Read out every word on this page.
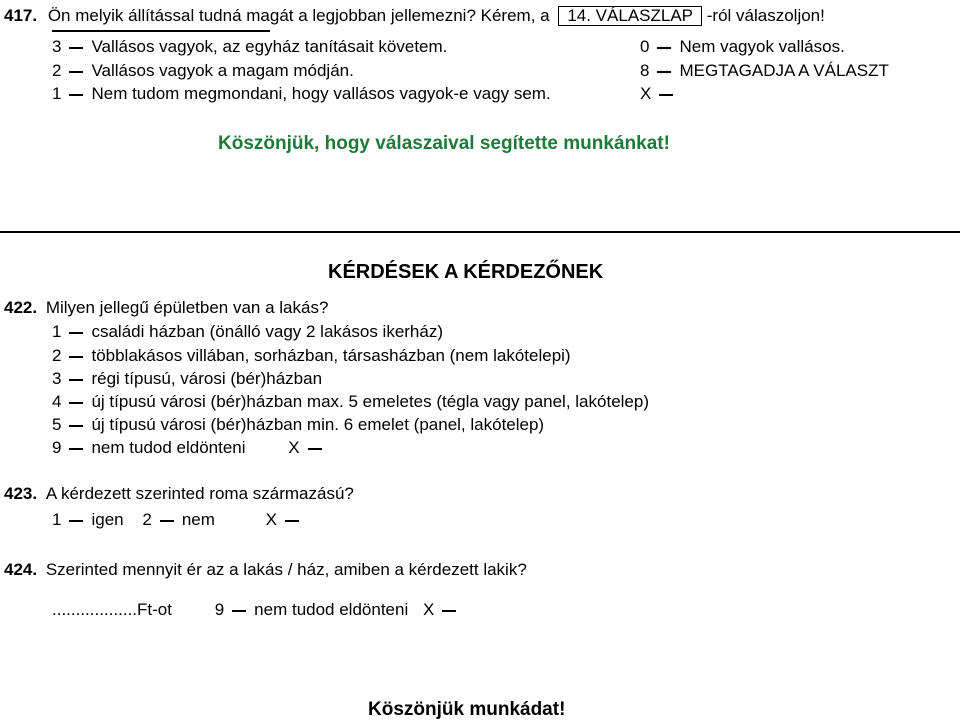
417. Ön melyik állítással tudná magát a legjobban jellemezni? Kérem, a 14. VÁLASZLAP -ról válaszoljon!
3 Vallásos vagyok, az egyház tanításait követem.
2 Vallásos vagyok a magam módján.
1 Nem tudom megmondani, hogy vallásos vagyok-e vagy sem.
0 Nem vagyok vallásos.
8 MEGTAGADJA A VÁLASZT
X
Köszönjük, hogy válaszaival segítette munkánkat!
KÉRDÉSEK A KÉRDEZŐNEK
422. Milyen jellegű épületben van a lakás?
1 családi házban (önálló vagy 2 lakásos ikerház)
2 többlakásos villában, sorházban, társasházban (nem lakótelepi)
3 régi típusú, városi (bér)házban
4 új típusú városi (bér)házban max. 5 emeletes (tégla vagy panel, lakótelep)
5 új típusú városi (bér)házban min. 6 emelet (panel, lakótelep)
9 nem tudod eldönteni	X
423. A kérdezett szerinted roma származású?
1 igen 2 nem	X
424. Szerinted mennyit ér az a lakás / ház, amiben a kérdezett lakik?
..................Ft-ot	9 nem tudod eldönteni X
Köszönjük munkádat!
